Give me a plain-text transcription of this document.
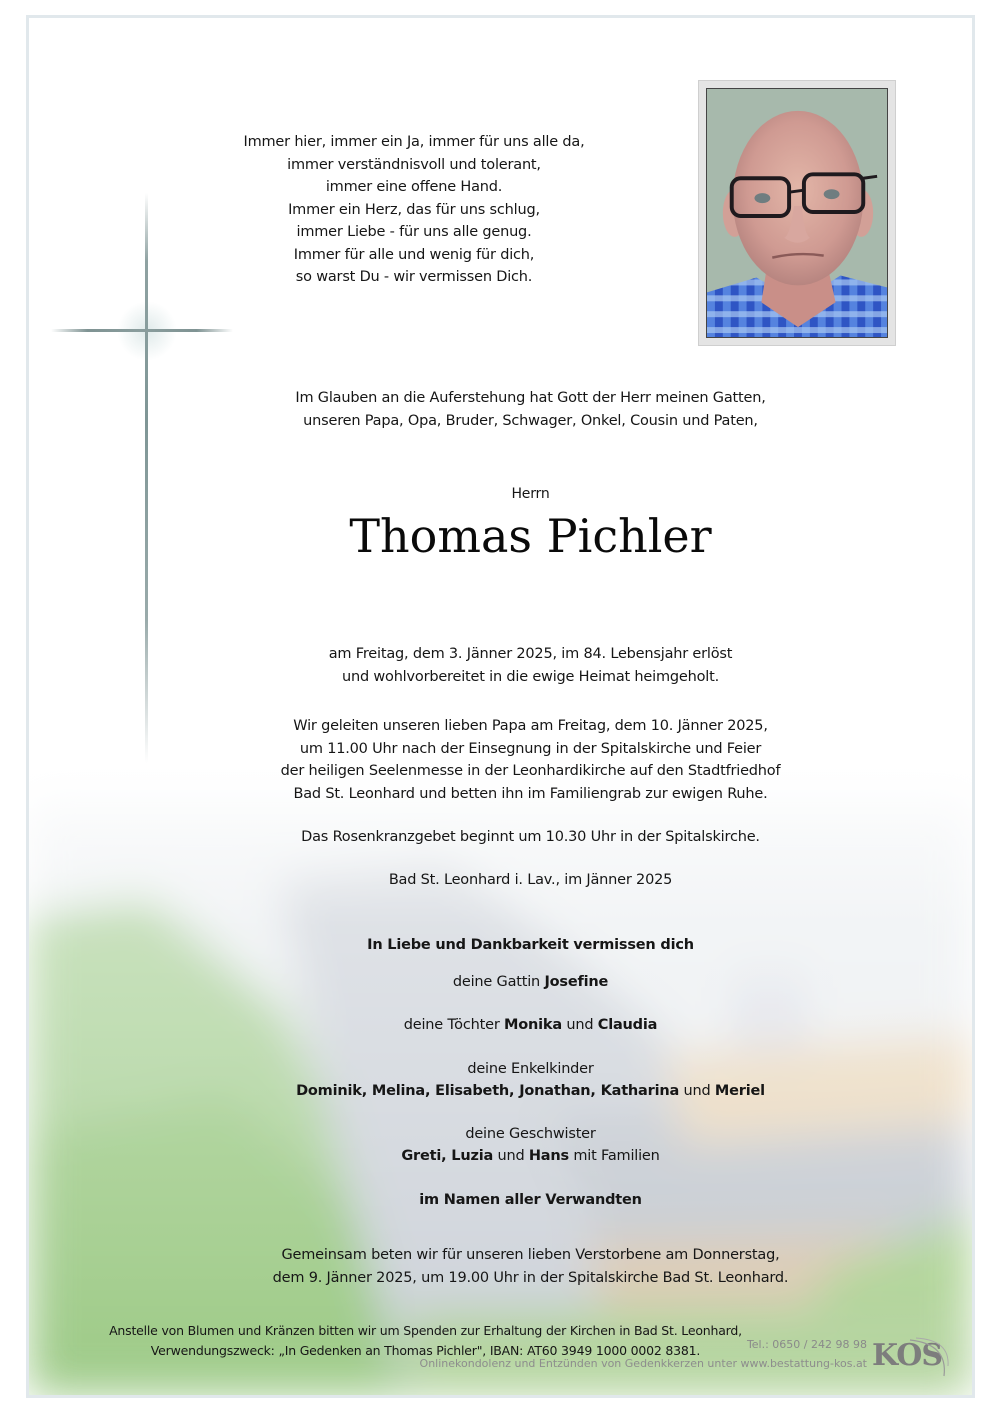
Immer hier, immer ein Ja, immer für uns alle da,
immer verständnisvoll und tolerant,
immer eine offene Hand.
Immer ein Herz, das für uns schlug,
immer Liebe - für uns alle genug.
Immer für alle und wenig für dich,
so warst Du - wir vermissen Dich.
Im Glauben an die Auferstehung hat Gott der Herr meinen Gatten,
unseren Papa, Opa, Bruder, Schwager, Onkel, Cousin und Paten,
Herrn
Thomas Pichler
am Freitag, dem 3. Jänner 2025, im 84. Lebensjahr erlöst
und wohlvorbereitet in die ewige Heimat heimgeholt.
Wir geleiten unseren lieben Papa am Freitag, dem 10. Jänner 2025,
um 11.00 Uhr nach der Einsegnung in der Spitalskirche und Feier
der heiligen Seelenmesse in der Leonhardikirche auf den Stadtfriedhof
Bad St. Leonhard und betten ihn im Familiengrab zur ewigen Ruhe.
Das Rosenkranzgebet beginnt um 10.30 Uhr in der Spitalskirche.
Bad St. Leonhard i. Lav., im Jänner 2025
In Liebe und Dankbarkeit vermissen dich
deine Gattin Josefine
deine Töchter Monika und Claudia
deine Enkelkinder
Dominik, Melina, Elisabeth, Jonathan, Katharina und Meriel
deine Geschwister
Greti, Luzia und Hans mit Familien
im Namen aller Verwandten
Gemeinsam beten wir für unseren lieben Verstorbene am Donnerstag,
dem 9. Jänner 2025, um 19.00 Uhr in der Spitalskirche Bad St. Leonhard.
Anstelle von Blumen und Kränzen bitten wir um Spenden zur Erhaltung der Kirchen in Bad St. Leonhard,
Verwendungszweck: „In Gedenken an Thomas Pichler", IBAN: AT60 3949 1000 0002 8381.	Tel.: 0650 / 242 98 98
Onlinekondolenz und Entzünden von Gedenkkerzen unter www.bestattung-kos.at KOS
